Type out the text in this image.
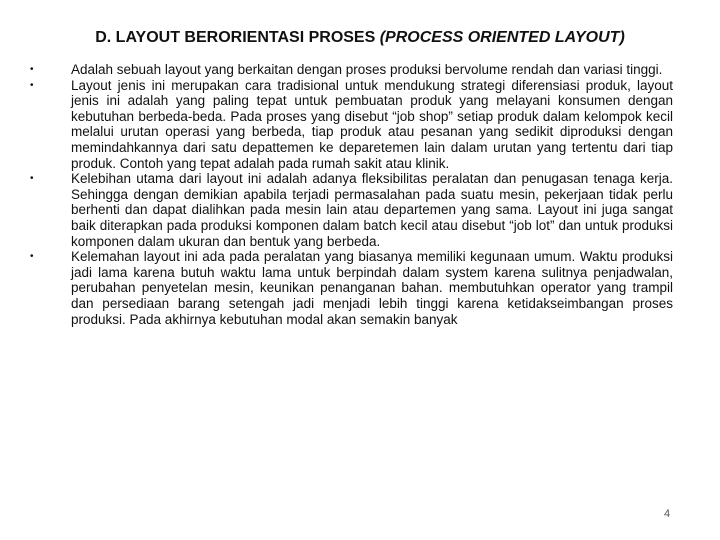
D. LAYOUT BERORIENTASI PROSES (PROCESS ORIENTED LAYOUT)
•	Adalah sebuah layout yang berkaitan dengan proses produksi bervolume rendah dan variasi tinggi.
•	Layout jenis ini merupakan cara tradisional untuk mendukung strategi diferensiasi produk, layout jenis ini adalah yang paling tepat untuk pembuatan produk yang melayani konsumen dengan kebutuhan berbeda-beda. Pada proses yang disebut “job shop” setiap produk dalam kelompok kecil melalui urutan operasi yang berbeda, tiap produk atau pesanan yang sedikit diproduksi dengan memindahkannya dari satu depattemen ke deparetemen lain dalam urutan yang tertentu dari tiap produk. Contoh yang tepat adalah pada rumah sakit atau klinik.
•	Kelebihan utama dari layout ini adalah adanya fleksibilitas peralatan dan penugasan tenaga kerja. Sehingga dengan demikian apabila terjadi permasalahan pada suatu mesin, pekerjaan tidak perlu berhenti dan dapat dialihkan pada mesin lain atau departemen yang sama. Layout ini juga sangat baik diterapkan pada produksi komponen dalam batch kecil atau disebut “job lot” dan untuk produksi komponen dalam ukuran dan bentuk yang berbeda.
•	Kelemahan layout ini ada pada peralatan yang biasanya memiliki kegunaan umum. Waktu produksi jadi lama karena butuh waktu lama untuk berpindah dalam system karena sulitnya penjadwalan, perubahan penyetelan mesin, keunikan penanganan bahan. membutuhkan operator yang trampil dan persediaan barang setengah jadi menjadi lebih tinggi karena ketidakseimbangan proses produksi. Pada akhirnya kebutuhan modal akan semakin banyak
4
